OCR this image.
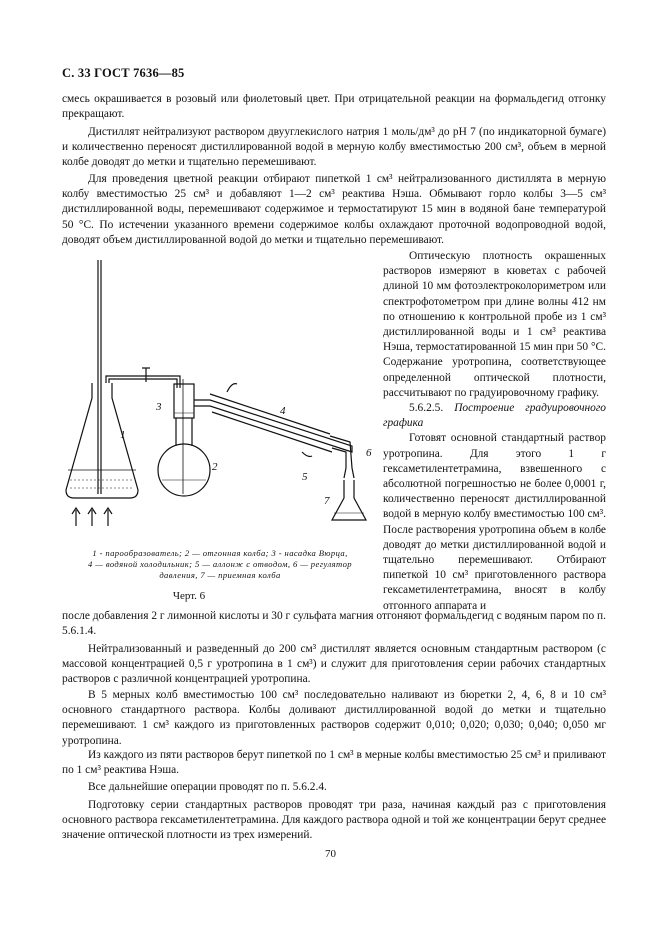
С. 33 ГОСТ 7636—85

смесь окрашивается в розовый или фиолетовый цвет. При отрицательной реакции на формальдегид отгонку прекращают.

Дистиллят нейтрализуют раствором двууглекислого натрия 1 моль/дм³ до рН 7 (по индикаторной бумаге) и количественно переносят дистиллированной водой в мерную колбу вместимостью 200 см³, объем в мерной колбе доводят до метки и тщательно перемешивают.

Для проведения цветной реакции отбирают пипеткой 1 см³ нейтрализованного дистиллята в мерную колбу вместимостью 25 см³ и добавляют 1—2 см³ реактива Нэша. Обмывают горло колбы 3—5 см³ дистиллированной воды, перемешивают содержимое и термостатируют 15 мин в водяной бане температурой 50 °С. По истечении указанного времени содержимое колбы охлаждают проточной водопроводной водой, доводят объем дистиллированной водой до метки и тщательно перемешивают.

Оптическую плотность окрашенных растворов измеряют в кюветах с рабочей длиной 10 мм фотоэлектроколориметром или спектрофотометром при длине волны 412 нм по отношению к контрольной пробе из 1 см³ дистиллированной воды и 1 см³ реактива Нэша, термостатированной 15 мин при 50 °С. Содержание уротропина, соответствующее определенной оптической плотности, рассчитывают по градуировочному графику.

5.6.2.5. Построение градуировочного графика

Готовят основной стандартный раствор уротропина. Для этого 1 г гексаметилентетрамина, взвешенного с абсолютной погрешностью не более 0,0001 г, количественно переносят дистиллированной водой в мерную колбу вместимостью 100 см³. После растворения уротропина объем в колбе доводят до метки дистиллированной водой и тщательно перемешивают. Отбирают пипеткой 10 см³ приготовленного раствора гексаметилентетрамина, вносят в колбу отгонного аппарата и

1
2
3	4
5
6
7
1 - парообразователь; 2 — отгонная колба; 3 - насадка Вюрца,
4 — водяной холодильник; 5 — аллонж с отводом, 6 — регулятор
давления, 7 — приемная колба
Черт. 6

после добавления 2 г лимонной кислоты и 30 г сульфата магния отгоняют формальдегид с водяным паром по п. 5.6.1.4.

Нейтрализованный и разведенный до 200 см³ дистиллят является основным стандартным раствором (с массовой концентрацией 0,5 г уротропина в 1 см³) и служит для приготовления серии рабочих стандартных растворов с различной концентрацией уротропина.

В 5 мерных колб вместимостью 100 см³ последовательно наливают из бюретки 2, 4, 6, 8 и 10 см³ основного стандартного раствора. Колбы доливают дистиллированной водой до метки и тщательно перемешивают. 1 см³ каждого из приготовленных растворов содержит 0,010; 0,020; 0,030; 0,040; 0,050 мг уротропина.

Из каждого из пяти растворов берут пипеткой по 1 см³ в мерные колбы вместимостью 25 см³ и приливают по 1 см³ реактива Нэша.

Все дальнейшие операции проводят по п. 5.6.2.4.

Подготовку серии стандартных растворов проводят три раза, начиная каждый раз с приготовления основного раствора гексаметилентетрамина. Для каждого раствора одной и той же концентрации берут среднее значение оптической плотности из трех измерений.

70
